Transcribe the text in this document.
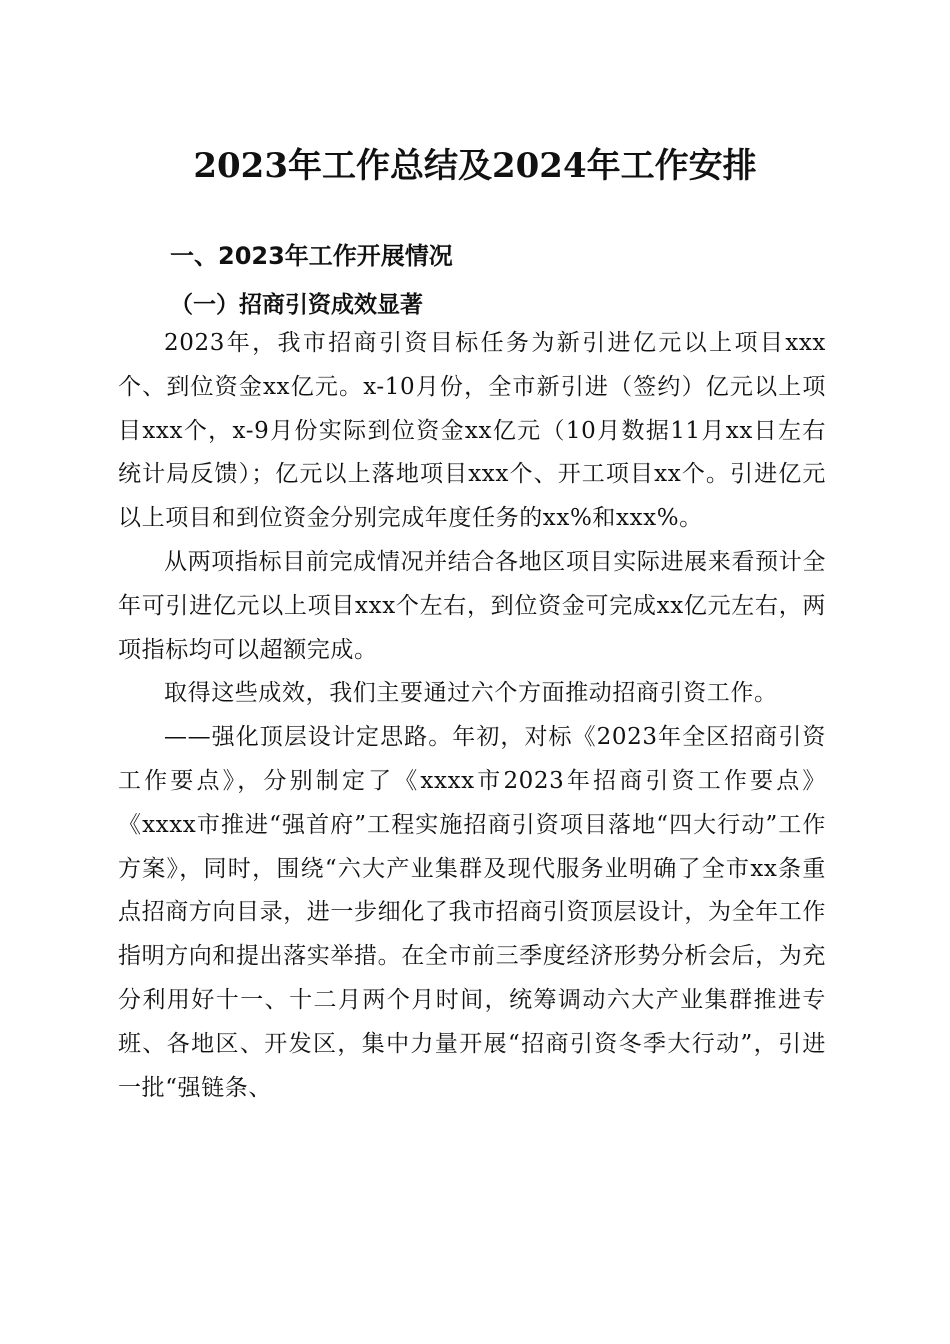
2023年工作总结及2024年工作安排
一、2023年工作开展情况
（一）招商引资成效显著

2023年，我市招商引资目标任务为新引进亿元以上项目xxx个、到位资金xx亿元。x-10月份，全市新引进（签约）亿元以上项目xxx个，x-9月份实际到位资金xx亿元（10月数据11月xx日左右统计局反馈）；亿元以上落地项目xxx个、开工项目xx个。引进亿元以上项目和到位资金分别完成年度任务的xx%和xxx%。

从两项指标目前完成情况并结合各地区项目实际进展来看预计全年可引进亿元以上项目xxx个左右，到位资金可完成xx亿元左右，两项指标均可以超额完成。

取得这些成效，我们主要通过六个方面推动招商引资工作。

——强化顶层设计定思路。年初，对标《2023年全区招商引资工作要点》，分别制定了《xxxx市2023年招商引资工作要点》《xxxx市推进“强首府”工程实施招商引资项目落地“四大行动”工作方案》，同时，围绕“六大产业集群及现代服务业明确了全市xx条重点招商方向目录，进一步细化了我市招商引资顶层设计，为全年工作指明方向和提出落实举措。在全市前三季度经济形势分析会后，为充分利用好十一、十二月两个月时间，统筹调动六大产业集群推进专班、各地区、开发区，集中力量开展“招商引资冬季大行动”，引进一批“强链条、
